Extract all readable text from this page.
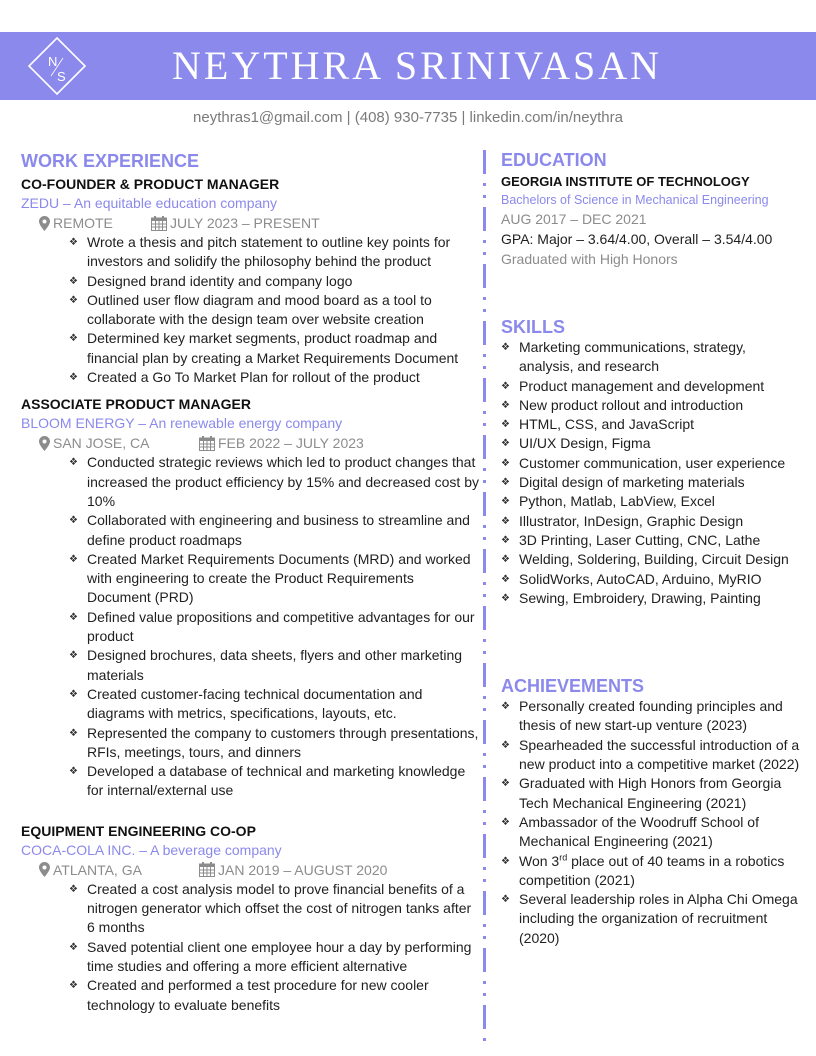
N
S	NEYTHRA SRINIVASAN
neythras1@gmail.com | (408) 930-7735 | linkedin.com/in/neythra
WORK EXPERIENCE
CO-FOUNDER & PRODUCT MANAGER
ZEDU – An equitable education company
REMOTE	JULY 2023 – PRESENT
❖ Wrote a thesis and pitch statement to outline key points for investors and solidify the philosophy behind the product
❖ Designed brand identity and company logo
❖ Outlined user flow diagram and mood board as a tool to collaborate with the design team over website creation
❖ Determined key market segments, product roadmap and financial plan by creating a Market Requirements Document
❖ Created a Go To Market Plan for rollout of the product
ASSOCIATE PRODUCT MANAGER
BLOOM ENERGY – An renewable energy company
SAN JOSE, CA	FEB 2022 – JULY 2023
❖ Conducted strategic reviews which led to product changes that increased the product efficiency by 15% and decreased cost by 10%
❖ Collaborated with engineering and business to streamline and define product roadmaps
❖ Created Market Requirements Documents (MRD) and worked with engineering to create the Product Requirements Document (PRD)
❖ Defined value propositions and competitive advantages for our product
❖ Designed brochures, data sheets, flyers and other marketing materials
❖ Created customer-facing technical documentation and diagrams with metrics, specifications, layouts, etc.
❖ Represented the company to customers through presentations, RFIs, meetings, tours, and dinners
❖ Developed a database of technical and marketing knowledge for internal/external use
EQUIPMENT ENGINEERING CO-OP
COCA-COLA INC. – A beverage company
ATLANTA, GA	JAN 2019 – AUGUST 2020
❖ Created a cost analysis model to prove financial benefits of a nitrogen generator which offset the cost of nitrogen tanks after 6 months
❖ Saved potential client one employee hour a day by performing time studies and offering a more efficient alternative
❖ Created and performed a test procedure for new cooler technology to evaluate benefits
EDUCATION
GEORGIA INSTITUTE OF TECHNOLOGY
Bachelors of Science in Mechanical Engineering
AUG 2017 – DEC 2021
GPA: Major – 3.64/4.00, Overall – 3.54/4.00
Graduated with High Honors
SKILLS
❖ Marketing communications, strategy, analysis, and research
❖ Product management and development
❖ New product rollout and introduction
❖ HTML, CSS, and JavaScript
❖ UI/UX Design, Figma
❖ Customer communication, user experience
❖ Digital design of marketing materials
❖ Python, Matlab, LabView, Excel
❖ Illustrator, InDesign, Graphic Design
❖ 3D Printing, Laser Cutting, CNC, Lathe
❖ Welding, Soldering, Building, Circuit Design
❖ SolidWorks, AutoCAD, Arduino, MyRIO
❖ Sewing, Embroidery, Drawing, Painting
ACHIEVEMENTS
❖ Personally created founding principles and thesis of new start-up venture (2023)
❖ Spearheaded the successful introduction of a new product into a competitive market (2022)
❖ Graduated with High Honors from Georgia Tech Mechanical Engineering (2021)
❖ Ambassador of the Woodruff School of Mechanical Engineering (2021)
❖ Won 3rd place out of 40 teams in a robotics competition (2021)
❖ Several leadership roles in Alpha Chi Omega including the organization of recruitment (2020)
